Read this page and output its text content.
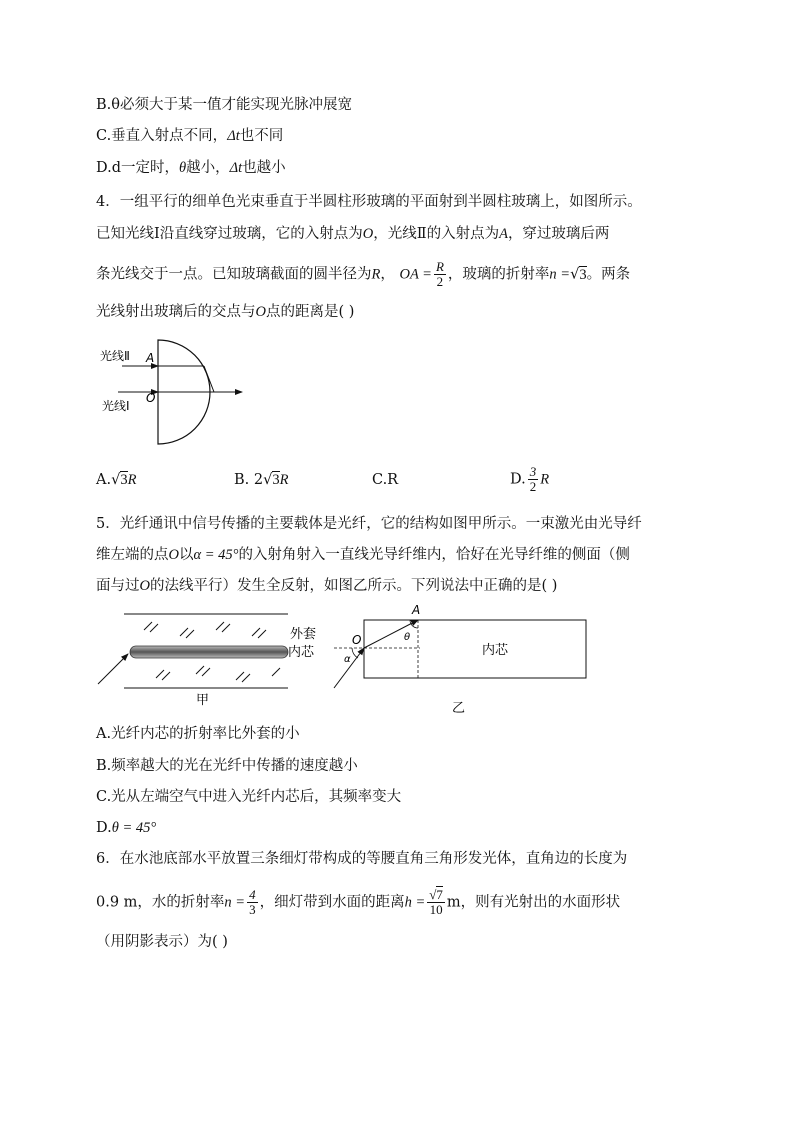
B.θ必须大于某一值才能实现光脉冲展宽
C.垂直入射点不同，Δt也不同
D.d一定时，θ越小，Δt也越小
4．一组平行的细单色光束垂直于半圆柱形玻璃的平面射到半圆柱玻璃上，如图所示。
已知光线Ⅰ沿直线穿过玻璃，它的入射点为O，光线Ⅱ的入射点为A，穿过玻璃后两
条光线交于一点。已知玻璃截面的圆半径为R， OA = $\frac{R}{2}$ ，玻璃的折射率n =√3。两条
光线射出玻璃后的交点与O点的距离是( )
光线Ⅱ A
O
光线Ⅰ
A.√3R	B. 2√3R	C.R	D. $\frac{3}{2}$ R
5．光纤通讯中信号传播的主要载体是光纤，它的结构如图甲所示。一束激光由光导纤
维左端的点O以α = 45°的入射角射入一直线光导纤维内，恰好在光导纤维的侧面（侧
面与过O的法线平行）发生全反射，如图乙所示。下列说法中正确的是( )
外套
内芯
甲
A
O	θ
α
内芯
乙
A.光纤内芯的折射率比外套的小
B.频率越大的光在光纤中传播的速度越小
C.光从左端空气中进入光纤内芯后，其频率变大
D.θ = 45°
6．在水池底部水平放置三条细灯带构成的等腰直角三角形发光体，直角边的长度为
0.9 m，水的折射率$n = \frac{4}{3}$ ，细灯带到水面的距离$h = \frac{√7}{10}$ m，则有光射出的水面形状
（用阴影表示）为( )
